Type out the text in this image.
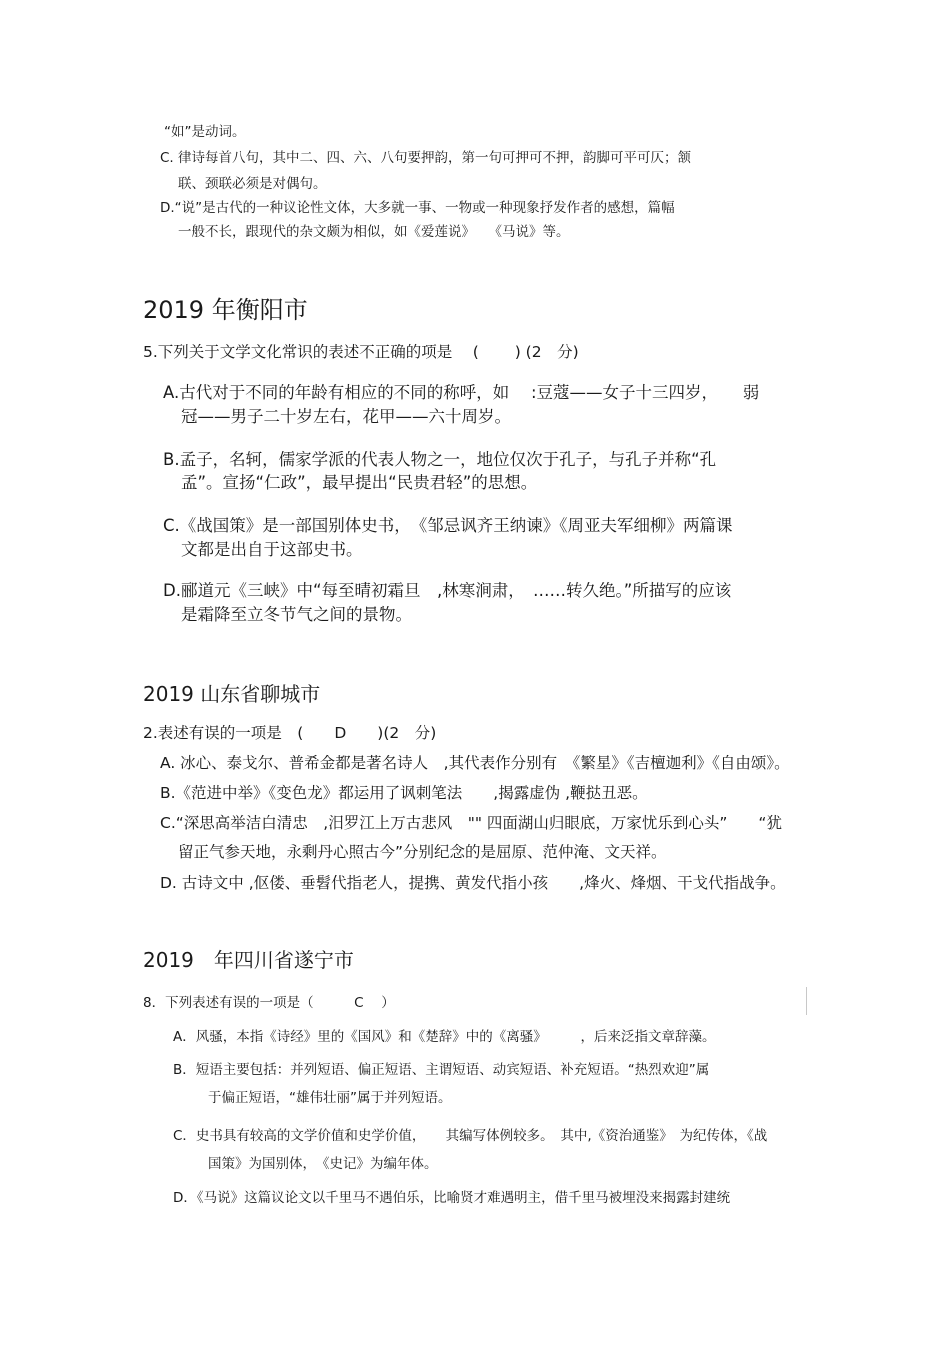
“如”是动词。

C. 律诗每首八句，其中二、四、六、八句要押韵，第一句可押可不押，韵脚可平可仄；颔

联、颈联必须是对偶句。

D.“说”是古代的一种议论性文体，大多就一事、一物或一种现象抒发作者的感想，篇幅

一般不长，跟现代的杂文颇为相似，如《爱莲说》　　《马说》等。

2019 年衡阳市

5.下列关于文学文化常识的表述不正确的项是　 (　　 ) (2　分)

A.古代对于不同的年龄有相应的不同的称呼，如　 :豆蔻——女子十三四岁，　　弱

冠——男子二十岁左右，花甲——六十周岁。

B.孟子，名轲，儒家学派的代表人物之一，地位仅次于孔子，与孔子并称“孔

孟”。宣扬“仁政”，最早提出“民贵君轻”的思想。

C.《战国策》是一部国别体史书，　《邹忌讽齐王纳谏》《周亚夫军细柳》两篇课

文都是出自于这部史书。

D.郦道元《三峡》中“每至晴初霜旦　,林寒涧肃，　……转久绝。”所描写的应该

是霜降至立冬节气之间的景物。

2019 山东省聊城市

2.表述有误的一项是　(　　D　　)(2　分)

A. 冰心、泰戈尔、普希金都是著名诗人　,其代表作分别有　《繁星》《吉檀迦利》《自由颂》。

B.《范进中举》《变色龙》都运用了讽刺笔法　　,揭露虚伪 ,鞭挞丑恶。

C.“深思高举洁白清忠　,汨罗江上万古悲风　"" 四面湖山归眼底，万家忧乐到心头”　　“犹

留正气参天地，永剩丹心照古今”分别纪念的是屈原、范仲淹、文天祥。

D. 古诗文中 ,伛偻、垂髫代指老人，提携、黄发代指小孩　　,烽火、烽烟、干戈代指战争。

2019　年四川省遂宁市

8．下列表述有误的一项是（　　　C　 ）

A．风骚，本指《诗经》里的《国风》和《楚辞》中的《离骚》　　　，后来泛指文章辞藻。

B．短语主要包括：并列短语、偏正短语、主谓短语、动宾短语、补充短语。“热烈欢迎”属

于偏正短语，“雄伟壮丽”属于并列短语。

C．史书具有较高的文学价值和史学价值，　　其编写体例较多。　其中,《资治通鉴》　为纪传体，《战

国策》为国别体，　《史记》为编年体。

D．《马说》这篇议论文以千里马不遇伯乐，比喻贤才难遇明主，借千里马被埋没来揭露封建统
